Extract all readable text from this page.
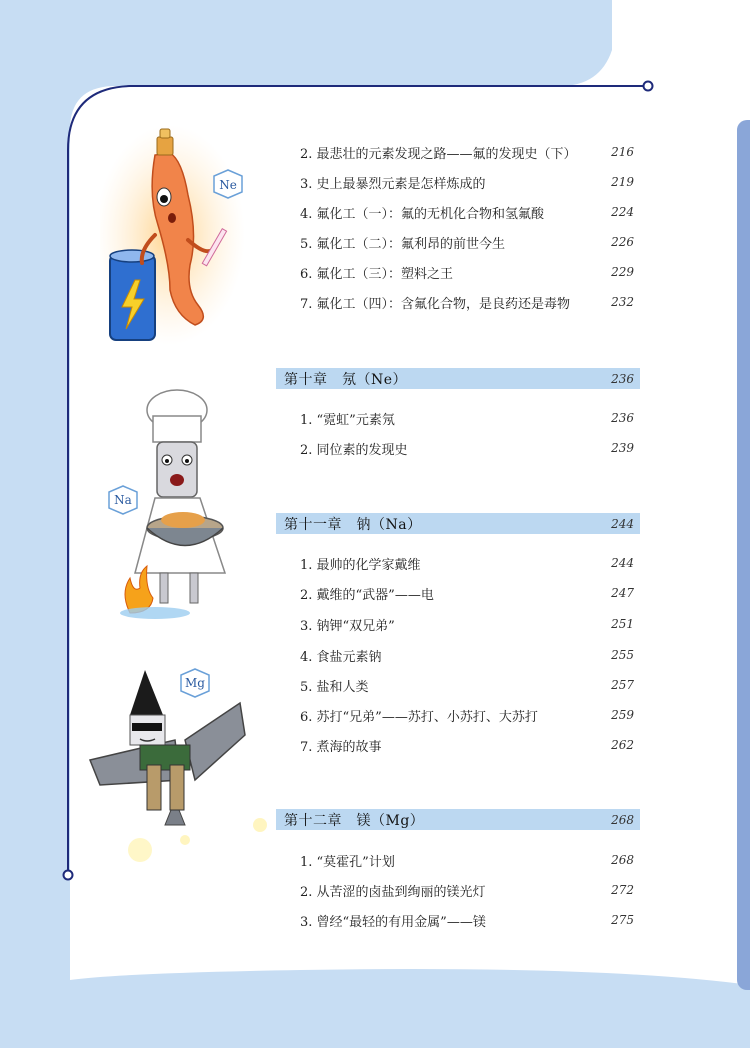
Ne
Na
Mg
2. 最悲壮的元素发现之路——氟的发现史（下）	216
3. 史上最暴烈元素是怎样炼成的	219
4. 氟化工（一）：氟的无机化合物和氢氟酸	224
5. 氟化工（二）：氟利昂的前世今生	226
6. 氟化工（三）：塑料之王	229
7. 氟化工（四）：含氟化合物，是良药还是毒物	232
第十章　氖（Ne）	236
1. “霓虹”元素氖	236
2. 同位素的发现史	239
第十一章　钠（Na）	244
1. 最帅的化学家戴维	244
2. 戴维的“武器”——电	247
3. 钠钾“双兄弟”	251
4. 食盐元素钠	255
5. 盐和人类	257
6. 苏打“兄弟”——苏打、小苏打、大苏打	259
7. 煮海的故事	262
第十二章　镁（Mg）	268
1. “莫霍孔”计划	268
2. 从苦涩的卤盐到绚丽的镁光灯	272
3. 曾经“最轻的有用金属”——镁	275
